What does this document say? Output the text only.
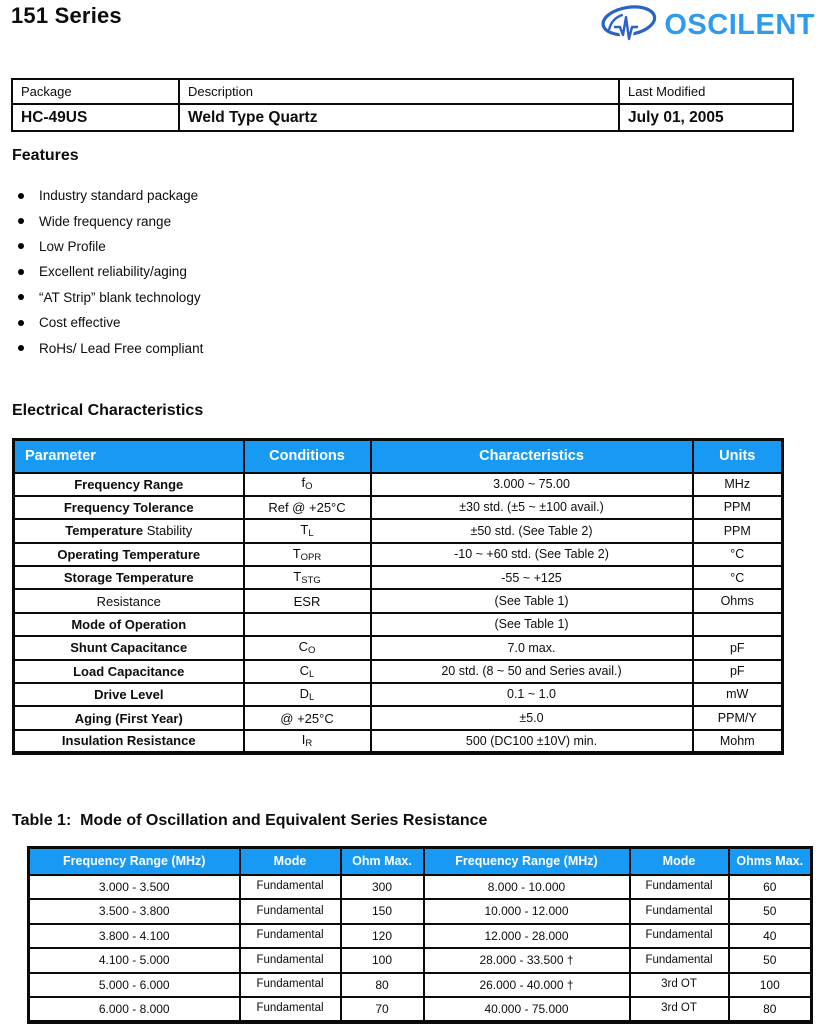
151 Series	OSCILENT
Package	Description	Last Modified
HC-49US	Weld Type Quartz	July 01, 2005
Features
Industry standard package
Wide frequency range
Low Profile
Excellent reliability/aging
“AT Strip” blank technology
Cost effective
RoHs/ Lead Free compliant
Electrical Characteristics
Parameter	Conditions	Characteristics	Units
Frequency Range	$f_O$	3.000 ~ 75.00	MHz
Frequency Tolerance	Ref @ +25°C	±30 std. (±5 ~ ±100 avail.)	PPM
Temperature Stability	$T_L$	±50 std. (See Table 2)	PPM
Operating Temperature	$T_{OPR}$	-10 ~ +60 std. (See Table 2)	°C
Storage Temperature	$T_{STG}$	-55 ~ +125	°C
Resistance	ESR	(See Table 1)	Ohms
Mode of Operation		(See Table 1)	
Shunt Capacitance	$C_O$	7.0 max.	pF
Load Capacitance	$C_L$	20 std. (8 ~ 50 and Series avail.)	pF
Drive Level	$D_L$	0.1 ~ 1.0	mW
Aging (First Year)	@ +25°C	±5.0	PPM/Y
Insulation Resistance	$I_R$	500 (DC100 ±10V) min.	Mohm
Table 1:  Mode of Oscillation and Equivalent Series Resistance
Frequency Range (MHz)	Mode	Ohm Max.	Frequency Range (MHz)	Mode	Ohms Max.
3.000 - 3.500	Fundamental	300	8.000 - 10.000	Fundamental	60
3.500 - 3.800	Fundamental	150	10.000 - 12.000	Fundamental	50
3.800 - 4.100	Fundamental	120	12.000 - 28.000	Fundamental	40
4.100 - 5.000	Fundamental	100	28.000 - 33.500 †	Fundamental	50
5.000 - 6.000	Fundamental	80	26.000 - 40.000 †	3rd OT	100
6.000 - 8.000	Fundamental	70	40.000 - 75.000	3rd OT	80
